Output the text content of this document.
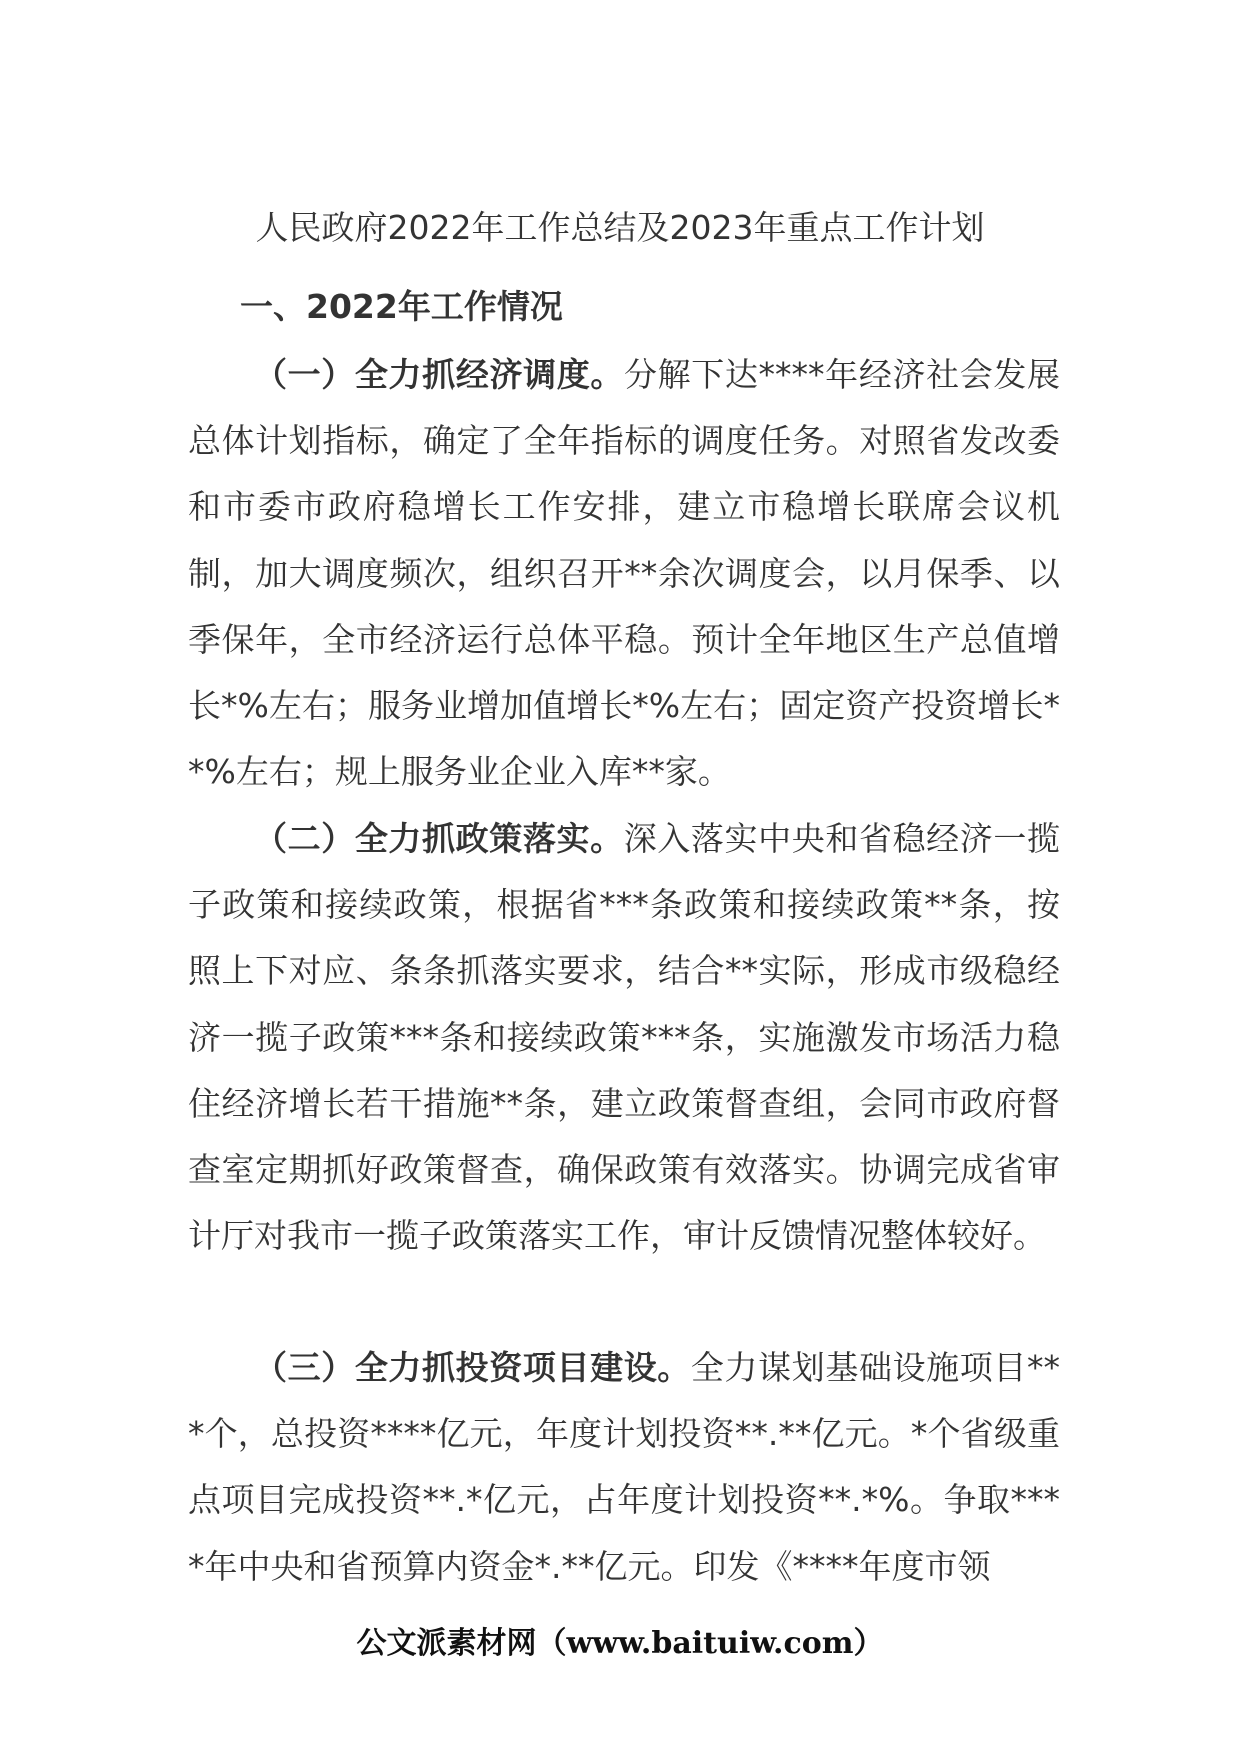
人民政府2022年工作总结及2023年重点工作计划
一、2022年工作情况

（一）全力抓经济调度。分解下达****年经济社会发展总体计划指标，确定了全年指标的调度任务。对照省发改委和市委市政府稳增长工作安排，建立市稳增长联席会议机制，加大调度频次，组织召开**余次调度会，以月保季、以季保年，全市经济运行总体平稳。预计全年地区生产总值增长*%左右；服务业增加值增长*%左右；固定资产投资增长**%左右；规上服务业企业入库**家。

（二）全力抓政策落实。深入落实中央和省稳经济一揽子政策和接续政策，根据省***条政策和接续政策**条，按照上下对应、条条抓落实要求，结合**实际，形成市级稳经济一揽子政策***条和接续政策***条，实施激发市场活力稳住经济增长若干措施**条，建立政策督查组，会同市政府督查室定期抓好政策督查，确保政策有效落实。协调完成省审计厅对我市一揽子政策落实工作，审计反馈情况整体较好。

（三）全力抓投资项目建设。全力谋划基础设施项目***个，总投资****亿元，年度计划投资**.**亿元。*个省级重点项目完成投资**.*亿元，占年度计划投资**.*%。争取****年中央和省预算内资金*.**亿元。印发《****年度市领

公文派素材网（www.baituiw.com）
